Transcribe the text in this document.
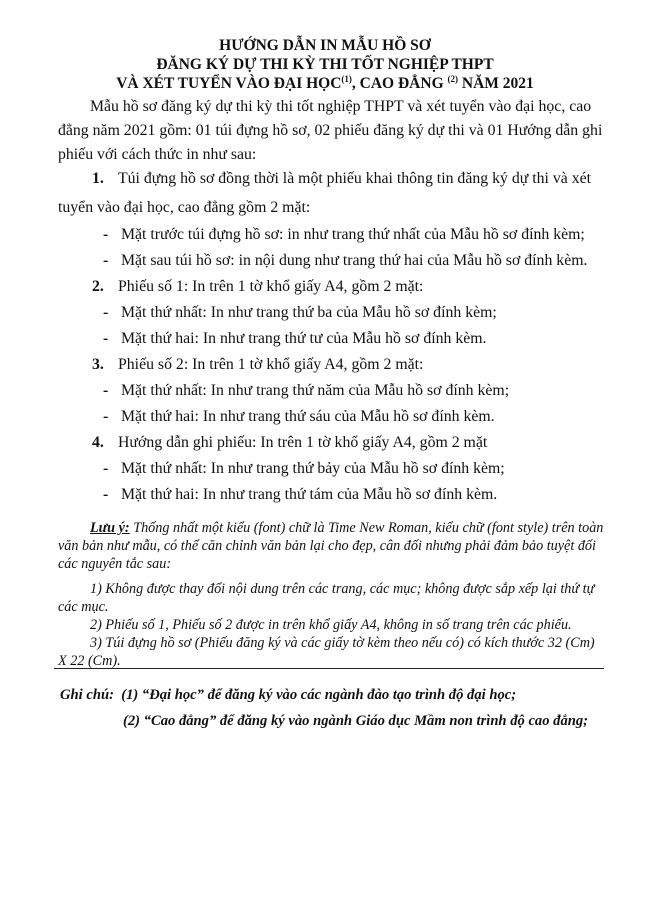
HƯỚNG DẪN IN MẪU HỒ SƠ
ĐĂNG KÝ DỰ THI KỲ THI TỐT NGHIỆP THPT
VÀ XÉT TUYỂN VÀO ĐẠI HỌC$^{(1)}$, CAO ĐẲNG $^{(2)}$ NĂM 2021
Mẫu hồ sơ đăng ký dự thi kỳ thi tốt nghiệp THPT và xét tuyển vào đại học, cao đẳng năm 2021 gồm: 01 túi đựng hồ sơ, 02 phiếu đăng ký dự thi và 01 Hướng dẫn ghi phiếu với cách thức in như sau:
1. Túi đựng hồ sơ đồng thời là một phiếu khai thông tin đăng ký dự thi và xét
tuyển vào đại học, cao đẳng gồm 2 mặt:
- Mặt trước túi đựng hồ sơ: in như trang thứ nhất của Mẫu hồ sơ đính kèm;
- Mặt sau túi hồ sơ: in nội dung như trang thứ hai của Mẫu hồ sơ đính kèm.
2. Phiếu số 1: In trên 1 tờ khổ giấy A4, gồm 2 mặt:
- Mặt thứ nhất: In như trang thứ ba của Mẫu hồ sơ đính kèm;
- Mặt thứ hai: In như trang thứ tư của Mẫu hồ sơ đính kèm.
3. Phiếu số 2: In trên 1 tờ khổ giấy A4, gồm 2 mặt:
- Mặt thứ nhất: In như trang thứ năm của Mẫu hồ sơ đính kèm;
- Mặt thứ hai: In như trang thứ sáu của Mẫu hồ sơ đính kèm.
4. Hướng dẫn ghi phiếu: In trên 1 tờ khổ giấy A4, gồm 2 mặt
- Mặt thứ nhất: In như trang thứ bảy của Mẫu hồ sơ đính kèm;
- Mặt thứ hai: In như trang thứ tám của Mẫu hồ sơ đính kèm.
Lưu ý: Thống nhất một kiểu (font) chữ là Time New Roman, kiểu chữ (font style) trên toàn văn bản như mẫu, có thể căn chỉnh văn bản lại cho đẹp, cân đối nhưng phải đảm bảo tuyệt đối các nguyên tắc sau:
1) Không được thay đổi nội dung trên các trang, các mục; không được sắp xếp lại thứ tự các mục.
2) Phiếu số 1, Phiếu số 2 được in trên khổ giấy A4, không in số trang trên các phiếu.
3) Túi đựng hồ sơ (Phiếu đăng ký và các giấy tờ kèm theo nếu có) có kích thước 32 (Cm) X 22 (Cm).
Ghi chú: (1) “Đại học” để đăng ký vào các ngành đào tạo trình độ đại học;
(2) “Cao đẳng” để đăng ký vào ngành Giáo dục Mầm non trình độ cao đẳng;
